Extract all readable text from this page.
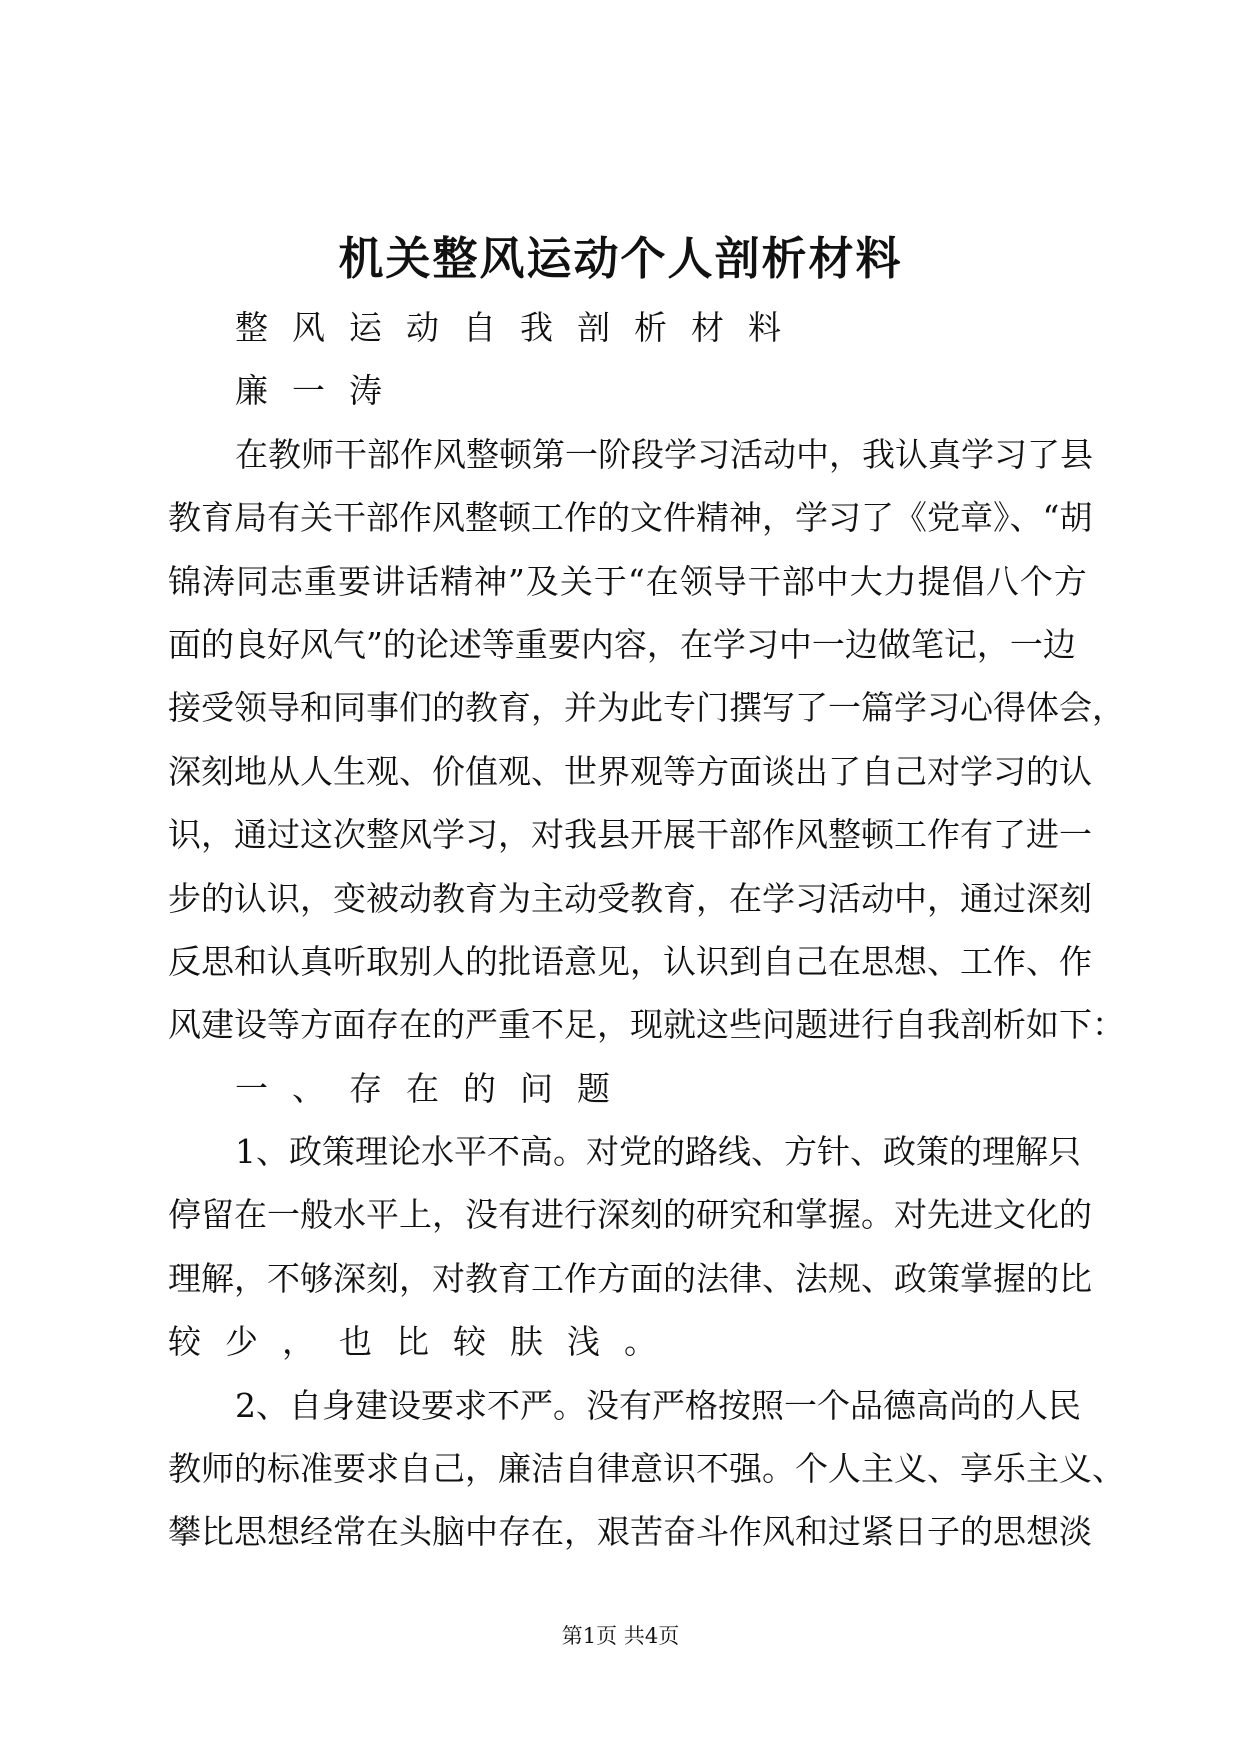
机关整风运动个人剖析材料
整风运动自我剖析材料
廉一涛
在教师干部作风整顿第一阶段学习活动中，我认真学习了县
教育局有关干部作风整顿工作的文件精神，学习了《党章》、“胡
锦涛同志重要讲话精神”及关于“在领导干部中大力提倡八个方
面的良好风气”的论述等重要内容，在学习中一边做笔记，一边
接受领导和同事们的教育，并为此专门撰写了一篇学习心得体会，
深刻地从人生观、价值观、世界观等方面谈出了自己对学习的认
识，通过这次整风学习，对我县开展干部作风整顿工作有了进一
步的认识，变被动教育为主动受教育，在学习活动中，通过深刻
反思和认真听取别人的批语意见，认识到自己在思想、工作、作
风建设等方面存在的严重不足，现就这些问题进行自我剖析如下：
一、存在的问题
1、政策理论水平不高。对党的路线、方针、政策的理解只
停留在一般水平上，没有进行深刻的研究和掌握。对先进文化的
理解，不够深刻，对教育工作方面的法律、法规、政策掌握的比
较少，也比较肤浅。
2、自身建设要求不严。没有严格按照一个品德高尚的人民
教师的标准要求自己，廉洁自律意识不强。个人主义、享乐主义、
攀比思想经常在头脑中存在，艰苦奋斗作风和过紧日子的思想淡
第1页 共4页
